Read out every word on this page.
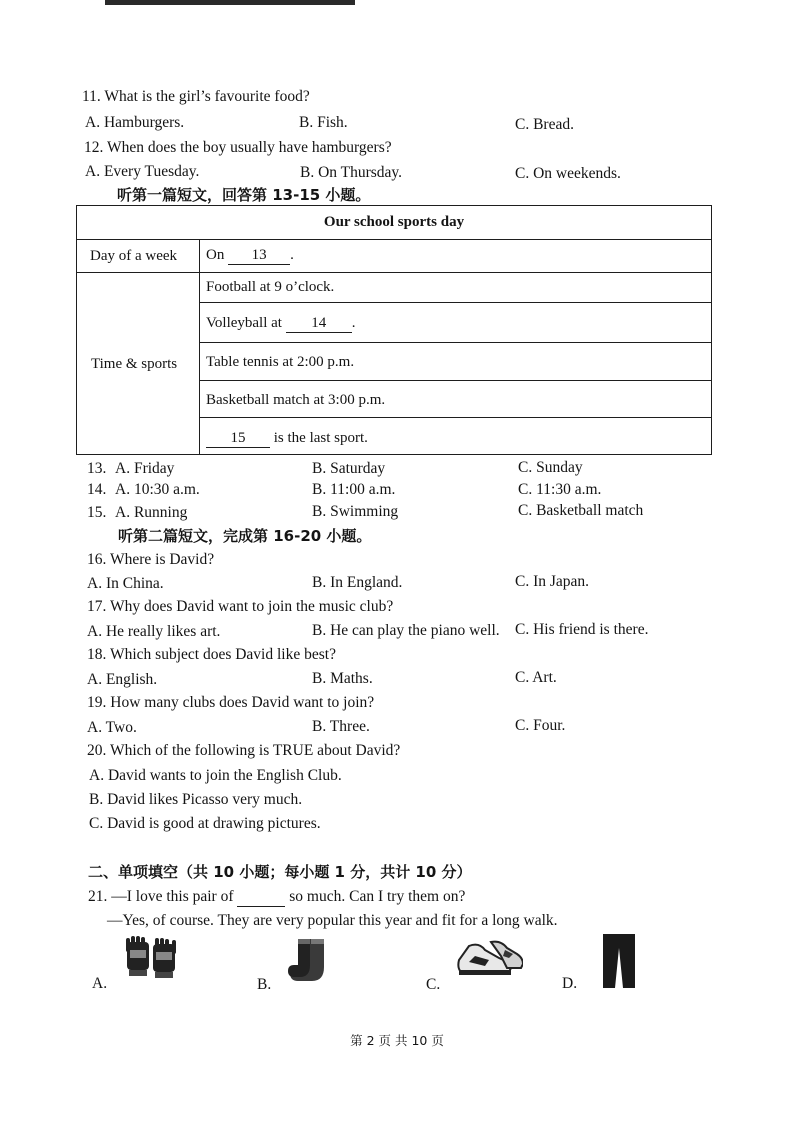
11. What is the girl’s favourite food?
A. Hamburgers.	B. Fish.	C. Bread.
12. When does the boy usually have hamburgers?
A. Every Tuesday.	B. On Thursday.	C. On weekends.
听第一篇短文，回答第 13-15 小题。
Our school sports day
Day of a week On 13 .
Time & sports
Football at 9 o’clock.
Volleyball at 14 .
Table tennis at 2:00 p.m.
Basketball match at 3:00 p.m.
15 is the last sport.
13. A. Friday	B. Saturday	C. Sunday
14. A. 10:30 a.m.	B. 11:00 a.m.	C. 11:30 a.m.
15. A. Running	B. Swimming	C. Basketball match
听第二篇短文，完成第 16-20 小题。
16. Where is David?
A. In China.	B. In England.	C. In Japan.
17. Why does David want to join the music club?
A. He really likes art.	B. He can play the piano well. C. His friend is there.
18. Which subject does David like best?
A. English.	B. Maths.	C. Art.
19. How many clubs does David want to join?
A. Two.	B. Three.	C. Four.
20. Which of the following is TRUE about David?
A. David wants to join the English Club.
B. David likes Picasso very much.
C. David is good at drawing pictures.
二、单项填空（共 10 小题；每小题 1 分，共计 10 分）
21. —I love this pair of	so much. Can I try them on?
—Yes, of course. They are very popular this year and fit for a long walk.
A.	B.	C.	D.
第 2 页 共 10 页
